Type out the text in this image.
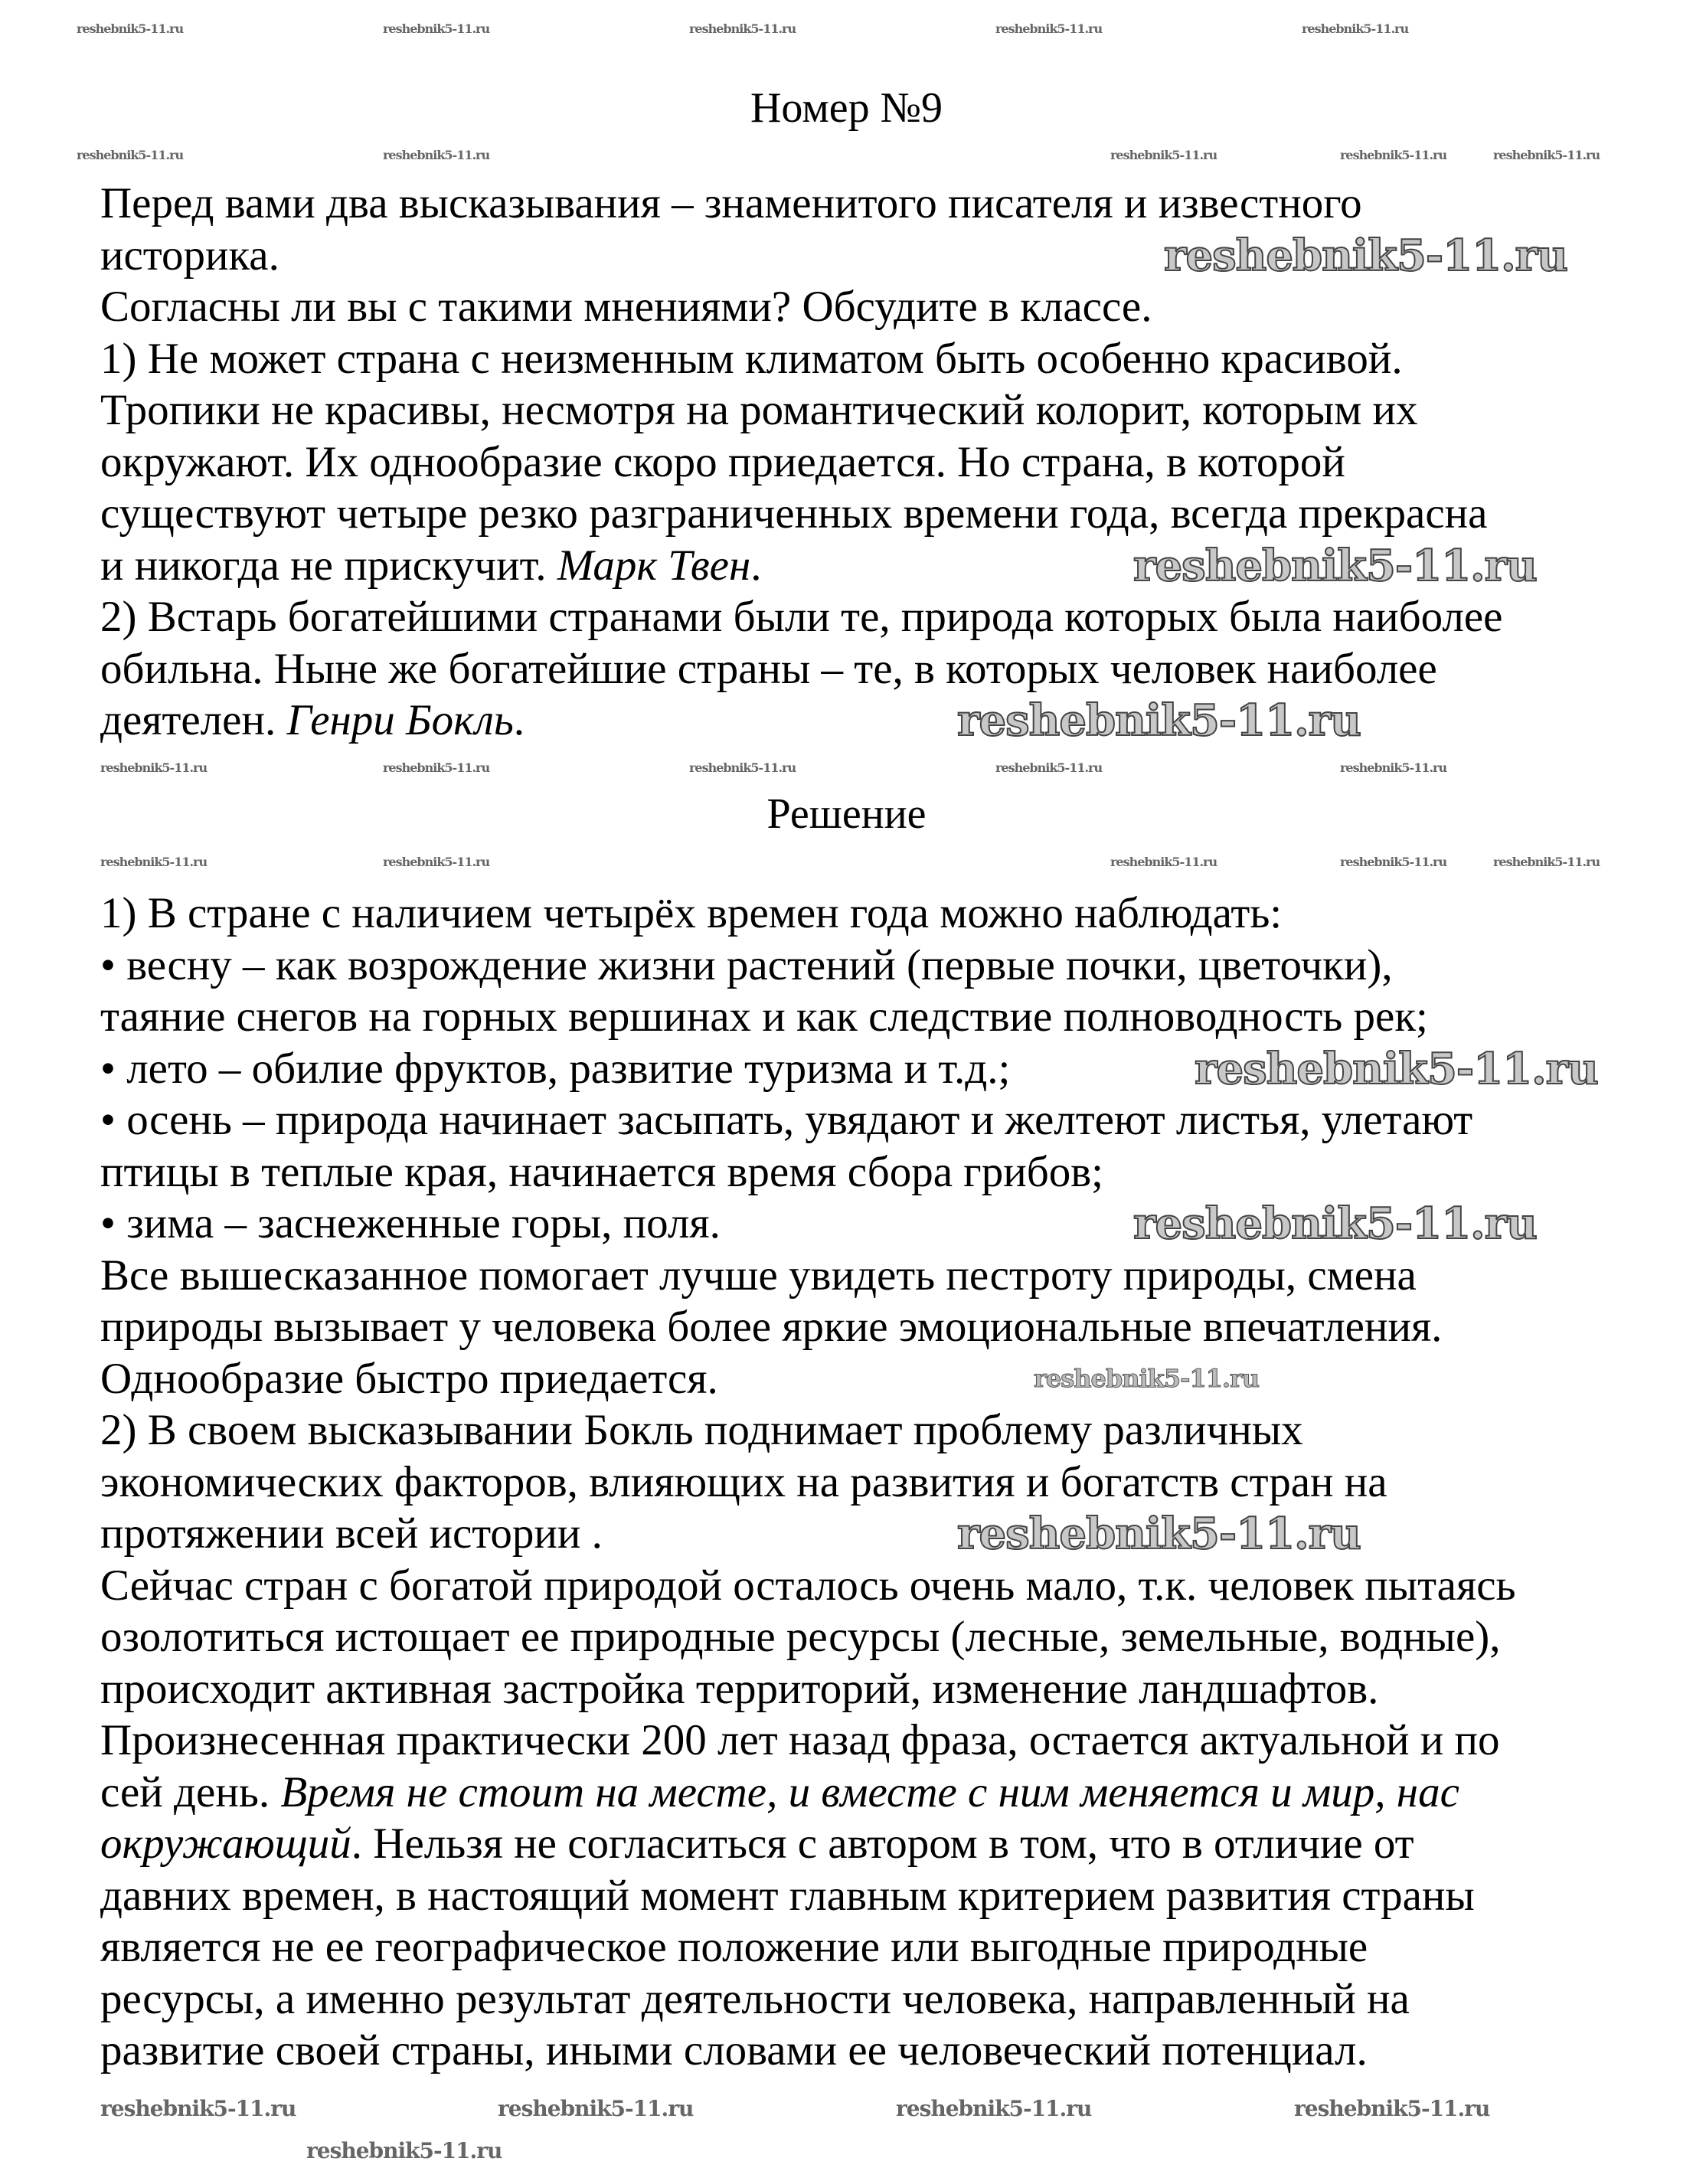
Номер №9
Перед вами два высказывания – знаменитого писателя и известного
историка.
Согласны ли вы с такими мнениями? Обсудите в классе.
1) Не может страна с неизменным климатом быть особенно красивой.
Тропики не красивы, несмотря на романтический колорит, которым их
окружают. Их однообразие скоро приедается. Но страна, в которой
существуют четыре резко разграниченных времени года, всегда прекрасна
и никогда не прискучит. Марк Твен.
2) Встарь богатейшими странами были те, природа которых была наиболее
обильна. Ныне же богатейшие страны – те, в которых человек наиболее
деятелен. Генри Бокль.
Решение
1) В стране с наличием четырёх времен года можно наблюдать:
• весну – как возрождение жизни растений (первые почки, цветочки),
таяние снегов на горных вершинах и как следствие полноводность рек;
• лето – обилие фруктов, развитие туризма и т.д.;
• осень – природа начинает засыпать, увядают и желтеют листья, улетают
птицы в теплые края, начинается время сбора грибов;
• зима – заснеженные горы, поля.
Все вышесказанное помогает лучше увидеть пестроту природы, смена
природы вызывает у человека более яркие эмоциональные впечатления.
Однообразие быстро приедается.
2) В своем высказывании Бокль поднимает проблему различных
экономических факторов, влияющих на развития и богатств стран на
протяжении всей истории .
Сейчас стран с богатой природой осталось очень мало, т.к. человек пытаясь
озолотиться истощает ее природные ресурсы (лесные, земельные, водные),
происходит активная застройка территорий, изменение ландшафтов.
Произнесенная практически 200 лет назад фраза, остается актуальной и по
сей день. Время не стоит на месте, и вместе с ним меняется и мир, нас
окружающий. Нельзя не согласиться с автором в том, что в отличие от
давних времен, в настоящий момент главным критерием развития страны
является не ее географическое положение или выгодные природные
ресурсы, а именно результат деятельности человека, направленный на
развитие своей страны, иными словами ее человеческий потенциал.
reshebnik5-11.ru
reshebnik5-11.ru
reshebnik5-11.ru
reshebnik5-11.ru
reshebnik5-11.ru
reshebnik5-11.ru
reshebnik5-11.ru
reshebnik5-11.ru	reshebnik5-11.ru	reshebnik5-11.ru	reshebnik5-11.ru	reshebnik5-11.ru
reshebnik5-11.ru	reshebnik5-11.ru	reshebnik5-11.ru	reshebnik5-11.ru	reshebnik5-11.ru
reshebnik5-11.ru	reshebnik5-11.ru	reshebnik5-11.ru	reshebnik5-11.ru	reshebnik5-11.ru
reshebnik5-11.ru	reshebnik5-11.ru	reshebnik5-11.ru	reshebnik5-11.ru	reshebnik5-11.ru
reshebnik5-11.ru	reshebnik5-11.ru	reshebnik5-11.ru	reshebnik5-11.ru
reshebnik5-11.ru
